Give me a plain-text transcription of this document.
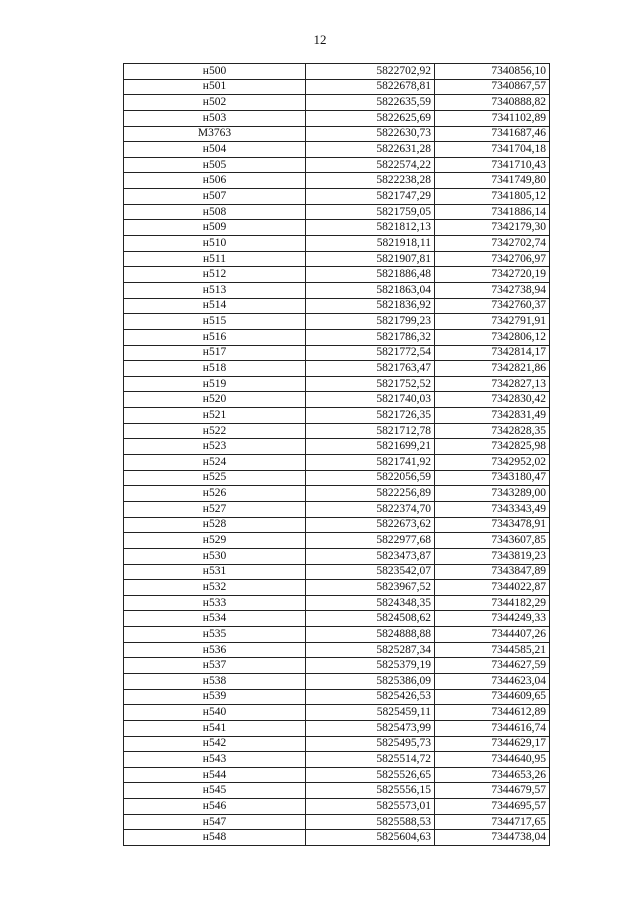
12
н500	5822702,92	7340856,10
н501	5822678,81	7340867,57
н502	5822635,59	7340888,82
н503	5822625,69	7341102,89
М3763	5822630,73	7341687,46
н504	5822631,28	7341704,18
н505	5822574,22	7341710,43
н506	5822238,28	7341749,80
н507	5821747,29	7341805,12
н508	5821759,05	7341886,14
н509	5821812,13	7342179,30
н510	5821918,11	7342702,74
н511	5821907,81	7342706,97
н512	5821886,48	7342720,19
н513	5821863,04	7342738,94
н514	5821836,92	7342760,37
н515	5821799,23	7342791,91
н516	5821786,32	7342806,12
н517	5821772,54	7342814,17
н518	5821763,47	7342821,86
н519	5821752,52	7342827,13
н520	5821740,03	7342830,42
н521	5821726,35	7342831,49
н522	5821712,78	7342828,35
н523	5821699,21	7342825,98
н524	5821741,92	7342952,02
н525	5822056,59	7343180,47
н526	5822256,89	7343289,00
н527	5822374,70	7343343,49
н528	5822673,62	7343478,91
н529	5822977,68	7343607,85
н530	5823473,87	7343819,23
н531	5823542,07	7343847,89
н532	5823967,52	7344022,87
н533	5824348,35	7344182,29
н534	5824508,62	7344249,33
н535	5824888,88	7344407,26
н536	5825287,34	7344585,21
н537	5825379,19	7344627,59
н538	5825386,09	7344623,04
н539	5825426,53	7344609,65
н540	5825459,11	7344612,89
н541	5825473,99	7344616,74
н542	5825495,73	7344629,17
н543	5825514,72	7344640,95
н544	5825526,65	7344653,26
н545	5825556,15	7344679,57
н546	5825573,01	7344695,57
н547	5825588,53	7344717,65
н548	5825604,63	7344738,04
